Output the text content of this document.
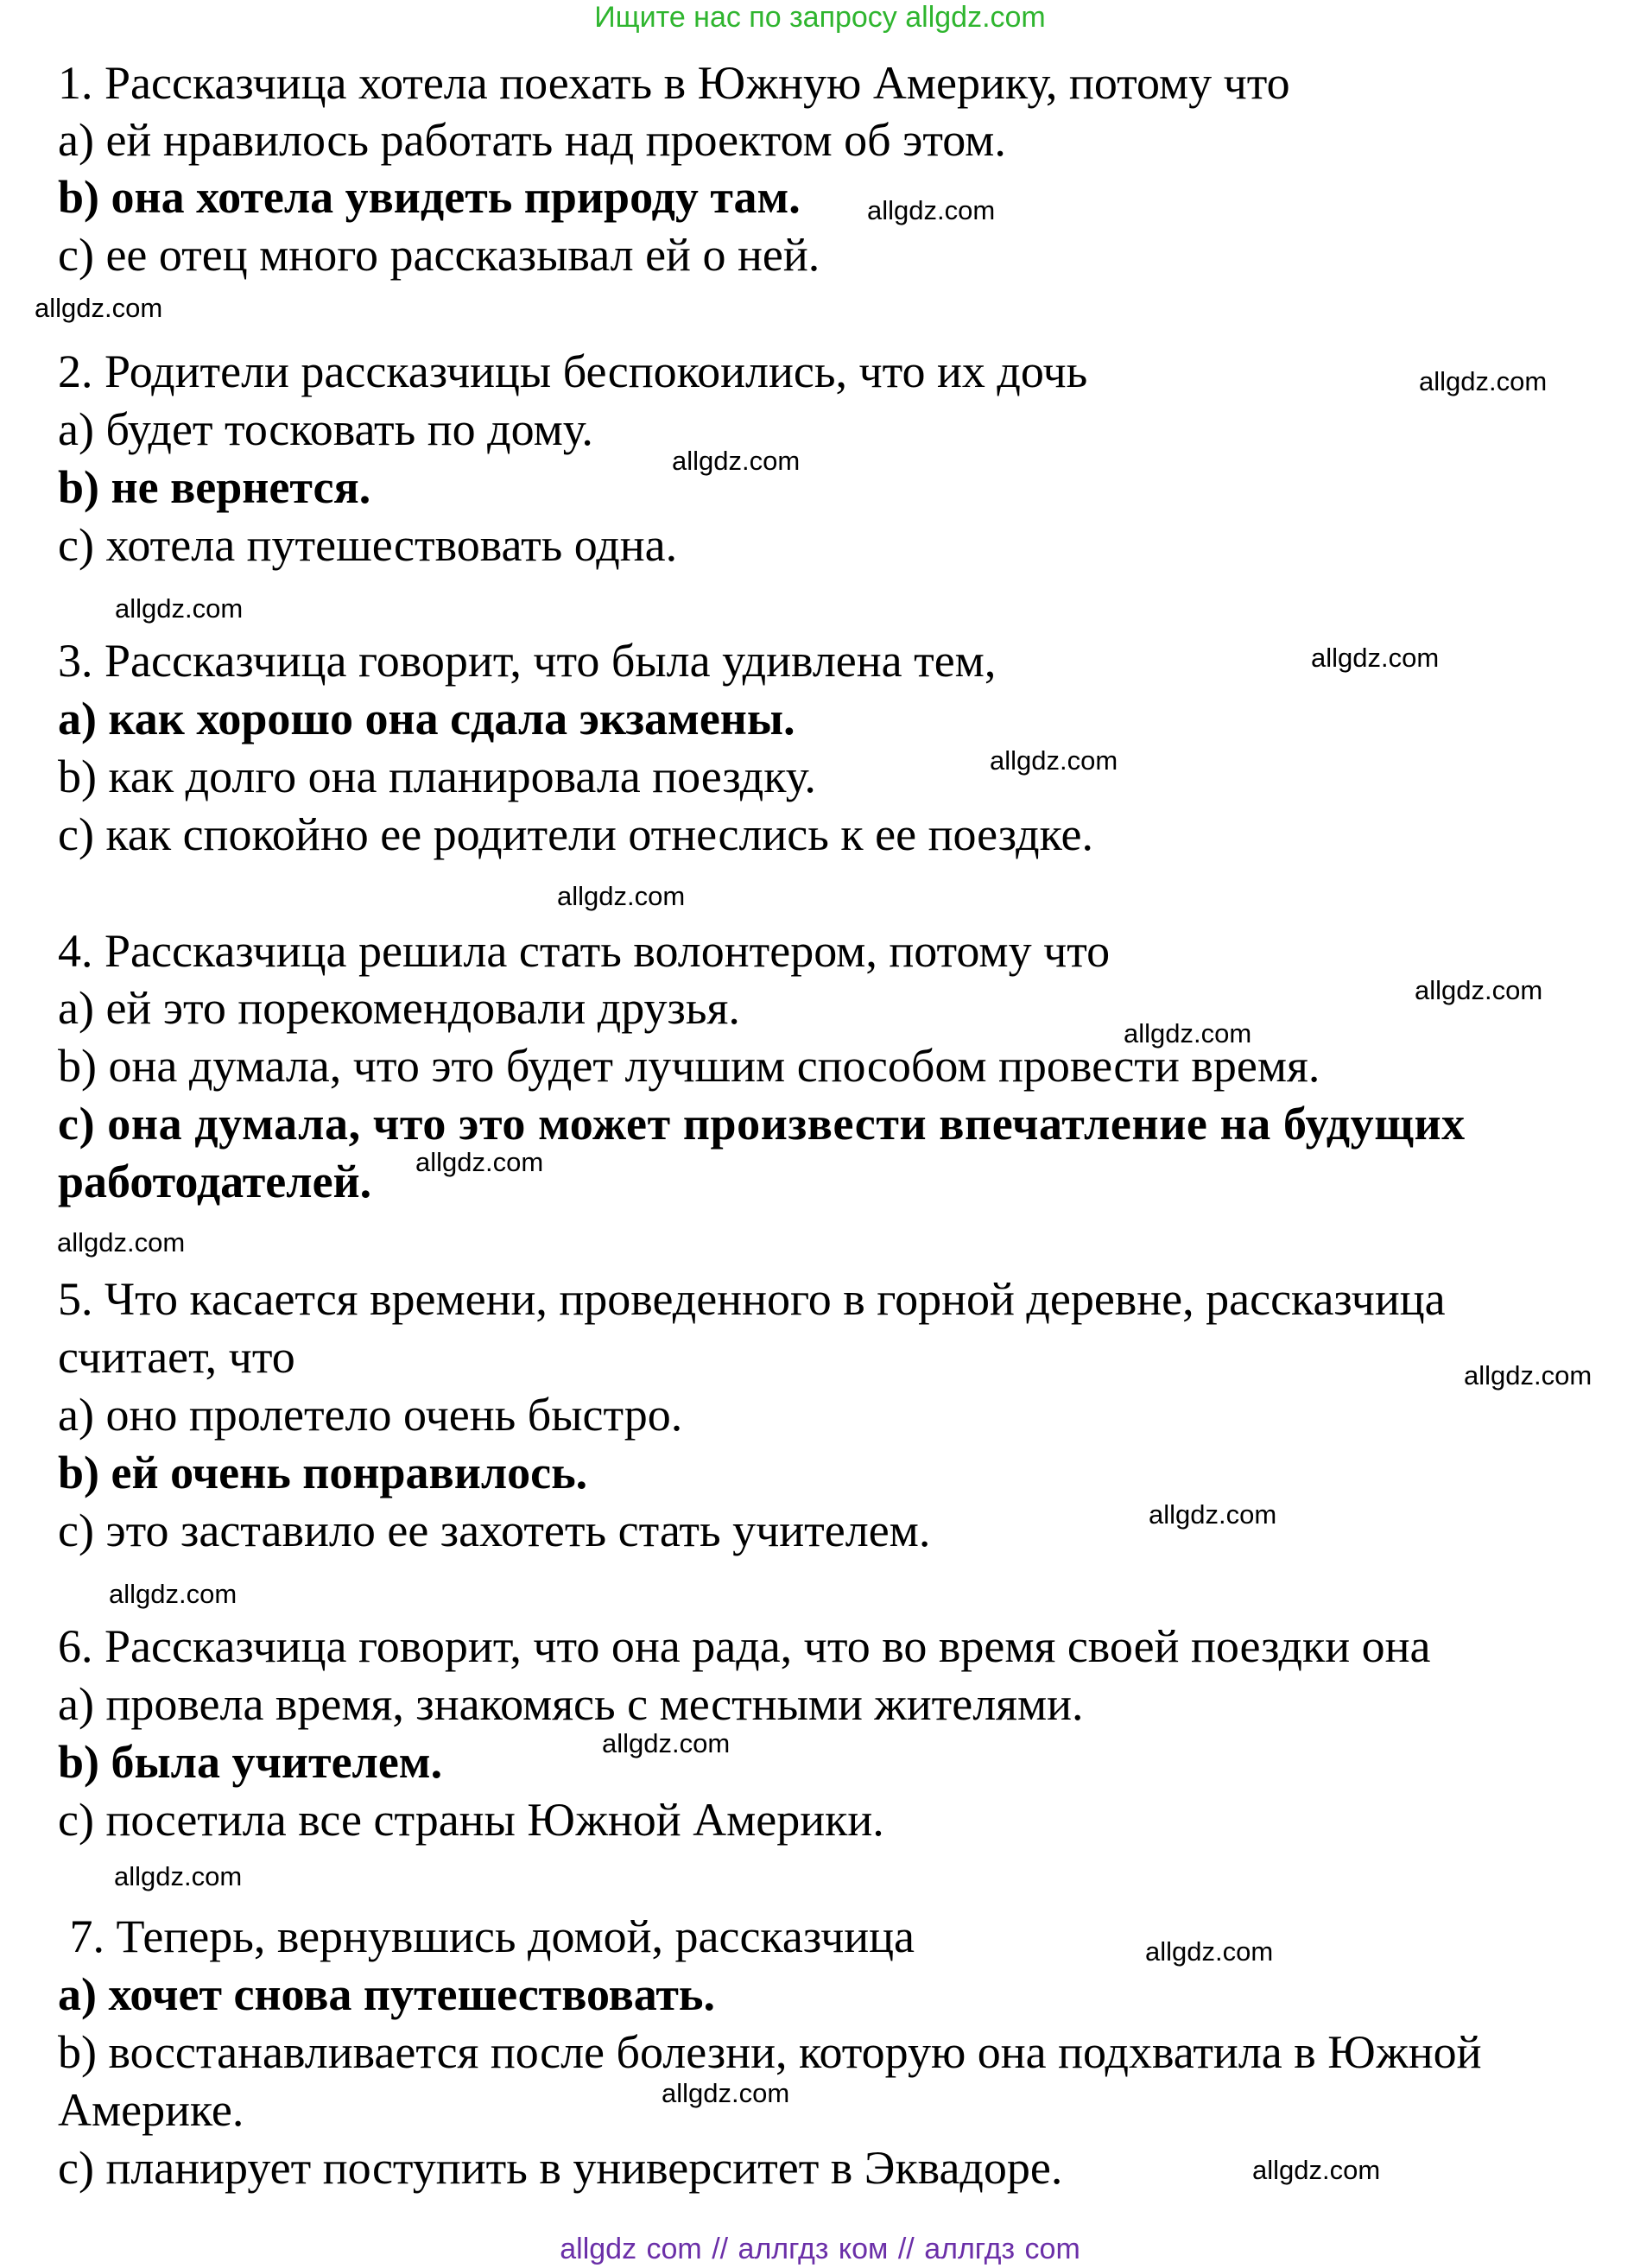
Ищите нас по запросу allgdz.com
1. Рассказчица хотела поехать в Южную Америку, потому что
a) ей нравилось работать над проектом об этом.
b) она хотела увидеть природу там.
c) ее отец много рассказывал ей о ней.
2. Родители рассказчицы беспокоились, что их дочь
a) будет тосковать по дому.
b) не вернется.
c) хотела путешествовать одна.
3. Рассказчица говорит, что была удивлена тем,
a) как хорошо она сдала экзамены.
b) как долго она планировала поездку.
c) как спокойно ее родители отнеслись к ее поездке.
4. Рассказчица решила стать волонтером, потому что
a) ей это порекомендовали друзья.
b) она думала, что это будет лучшим способом провести время.
c) она думала, что это может произвести впечатление на будущих
работодателей.
5. Что касается времени, проведенного в горной деревне, рассказчица
считает, что
a) оно пролетело очень быстро.
b) ей очень понравилось.
c) это заставило ее захотеть стать учителем.
6. Рассказчица говорит, что она рада, что во время своей поездки она
a) провела время, знакомясь с местными жителями.
b) была учителем.
c) посетила все страны Южной Америки.
7. Теперь, вернувшись домой, рассказчица
a) хочет снова путешествовать.
b) восстанавливается после болезни, которую она подхватила в Южной
Америке.
c) планирует поступить в университет в Эквадоре.
allgdz.com
allgdz.com
allgdz.com
allgdz.com
allgdz.com
allgdz.com
allgdz.com
allgdz.com
allgdz.com
allgdz.com
allgdz.com
allgdz.com
allgdz.com
allgdz.com
allgdz.com
allgdz.com
allgdz.com
allgdz.com
allgdz.com
allgdz.com
allgdz com // аллгдз ком // аллгдз com
